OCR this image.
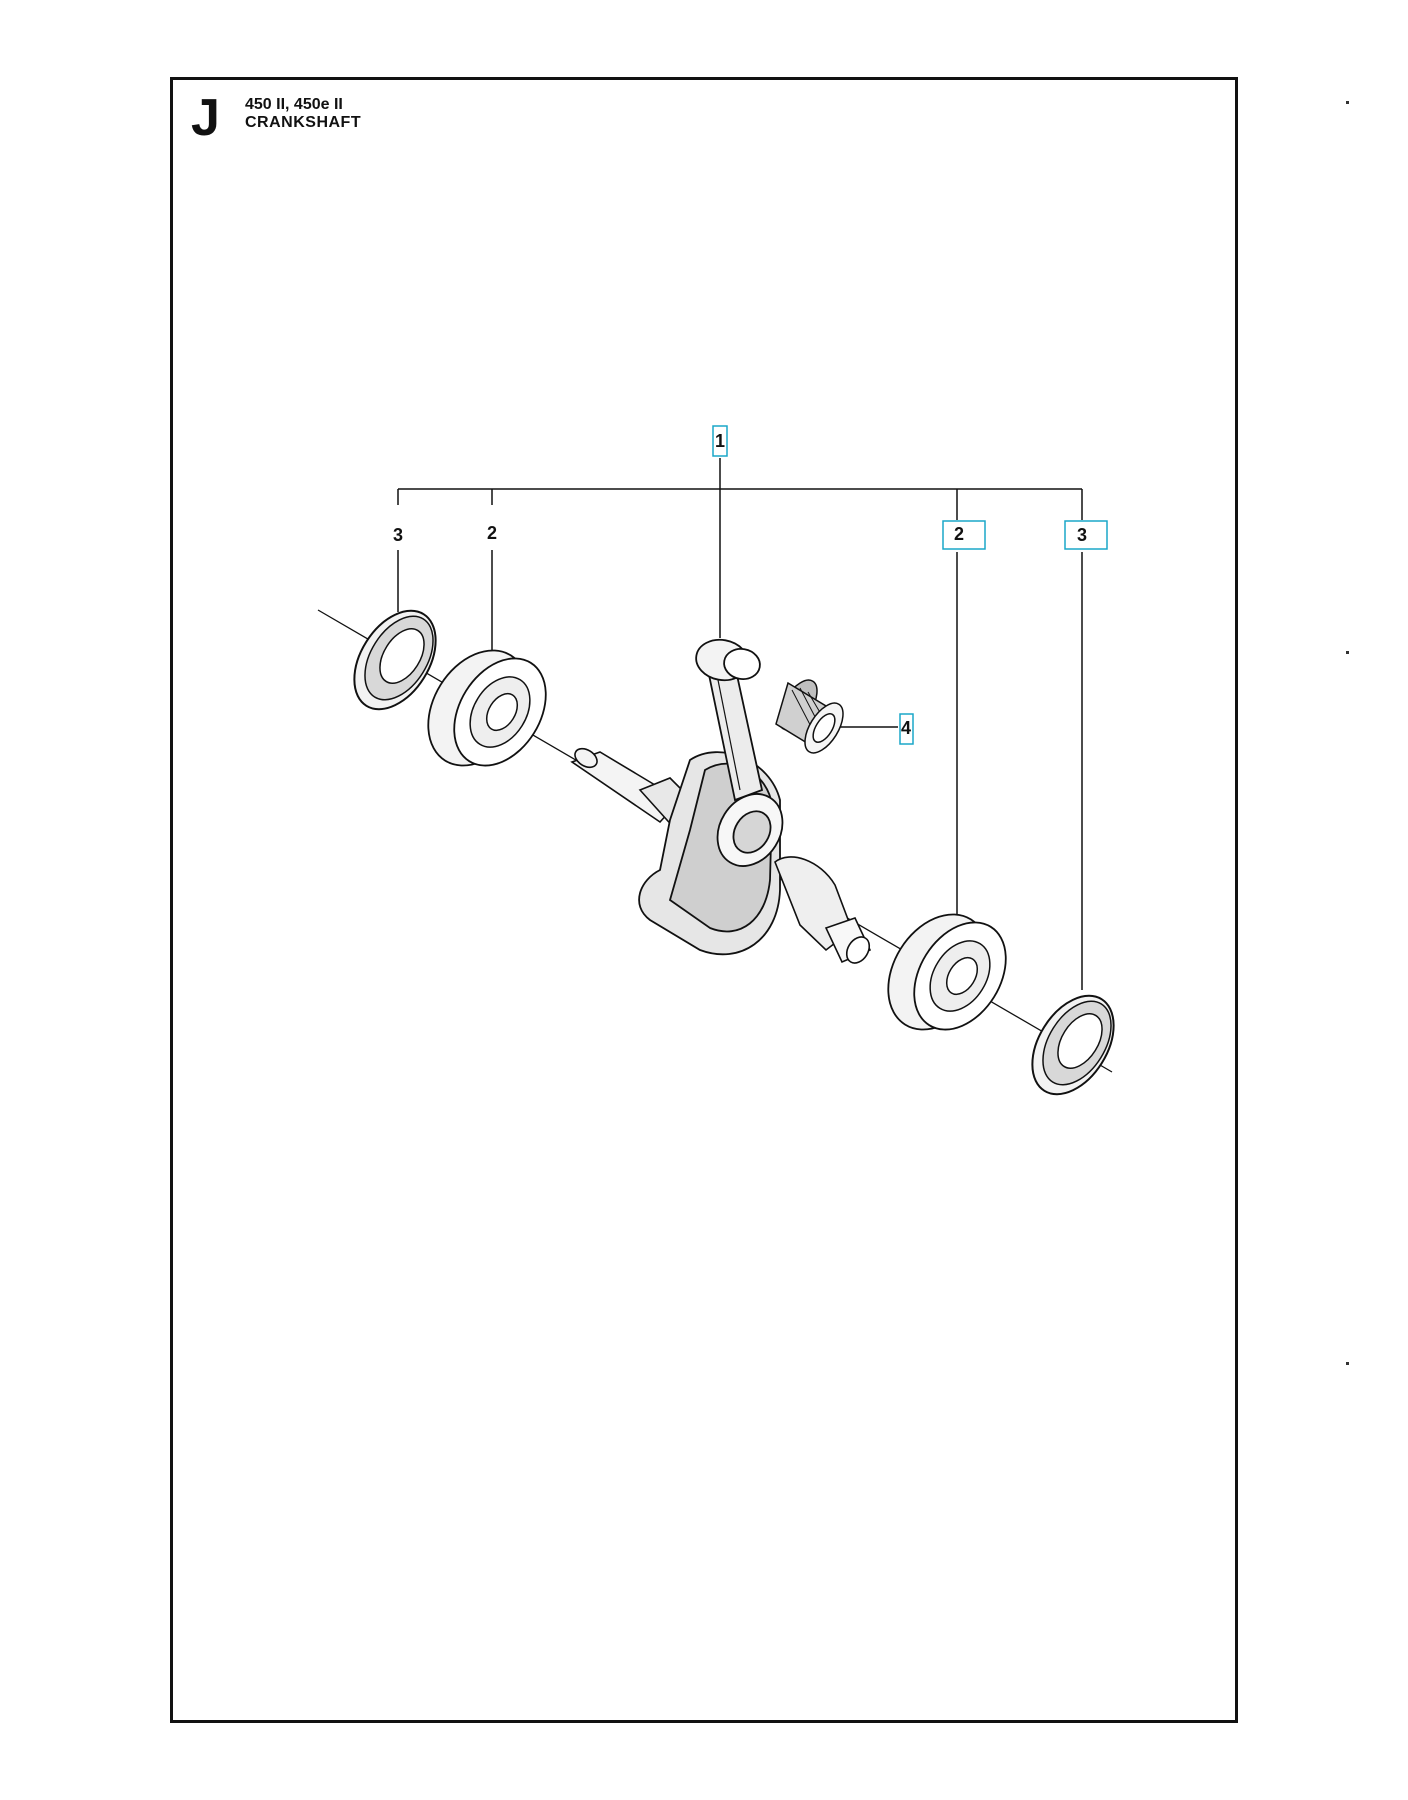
J 450 II, 450e II
CRANKSHAFT
1
3	2	2	3
4
